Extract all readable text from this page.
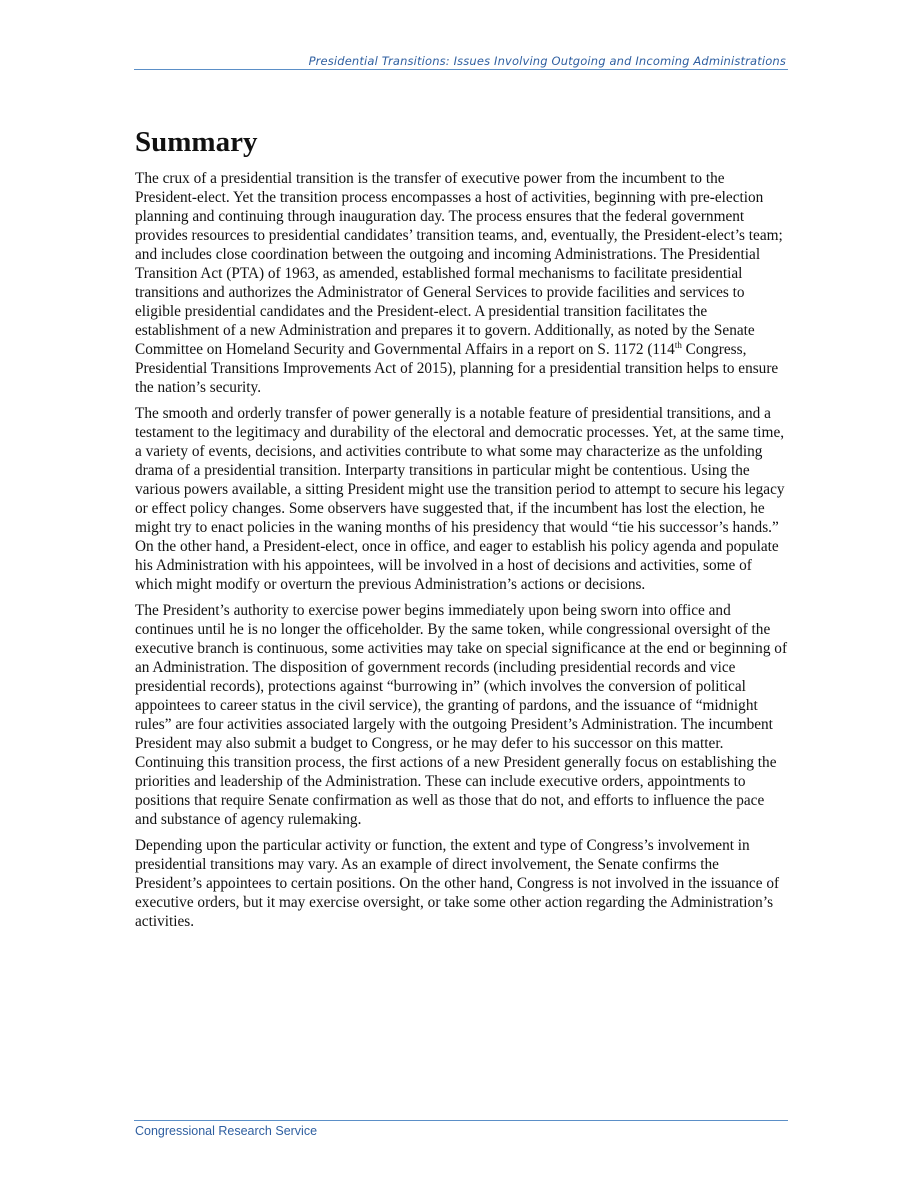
Presidential Transitions: Issues Involving Outgoing and Incoming Administrations
Summary

The crux of a presidential transition is the transfer of executive power from the incumbent to the President-elect. Yet the transition process encompasses a host of activities, beginning with pre-election planning and continuing through inauguration day. The process ensures that the federal government provides resources to presidential candidates’ transition teams, and, eventually, the President-elect’s team; and includes close coordination between the outgoing and incoming Administrations. The Presidential Transition Act (PTA) of 1963, as amended, established formal mechanisms to facilitate presidential transitions and authorizes the Administrator of General Services to provide facilities and services to eligible presidential candidates and the President-elect. A presidential transition facilitates the establishment of a new Administration and prepares it to govern. Additionally, as noted by the Senate Committee on Homeland Security and Governmental Affairs in a report on S. 1172 (114th Congress, Presidential Transitions Improvements Act of 2015), planning for a presidential transition helps to ensure the nation’s security.

The smooth and orderly transfer of power generally is a notable feature of presidential transitions, and a testament to the legitimacy and durability of the electoral and democratic processes. Yet, at the same time, a variety of events, decisions, and activities contribute to what some may characterize as the unfolding drama of a presidential transition. Interparty transitions in particular might be contentious. Using the various powers available, a sitting President might use the transition period to attempt to secure his legacy or effect policy changes. Some observers have suggested that, if the incumbent has lost the election, he might try to enact policies in the waning months of his presidency that would “tie his successor’s hands.” On the other hand, a President-elect, once in office, and eager to establish his policy agenda and populate his Administration with his appointees, will be involved in a host of decisions and activities, some of which might modify or overturn the previous Administration’s actions or decisions.

The President’s authority to exercise power begins immediately upon being sworn into office and continues until he is no longer the officeholder. By the same token, while congressional oversight of the executive branch is continuous, some activities may take on special significance at the end or beginning of an Administration. The disposition of government records (including presidential records and vice presidential records), protections against “burrowing in” (which involves the conversion of political appointees to career status in the civil service), the granting of pardons, and the issuance of “midnight rules” are four activities associated largely with the outgoing President’s Administration. The incumbent President may also submit a budget to Congress, or he may defer to his successor on this matter. Continuing this transition process, the first actions of a new President generally focus on establishing the priorities and leadership of the Administration. These can include executive orders, appointments to positions that require Senate confirmation as well as those that do not, and efforts to influence the pace and substance of agency rulemaking.

Depending upon the particular activity or function, the extent and type of Congress’s involvement in presidential transitions may vary. As an example of direct involvement, the Senate confirms the President’s appointees to certain positions. On the other hand, Congress is not involved in the issuance of executive orders, but it may exercise oversight, or take some other action regarding the Administration’s activities.

Congressional Research Service
